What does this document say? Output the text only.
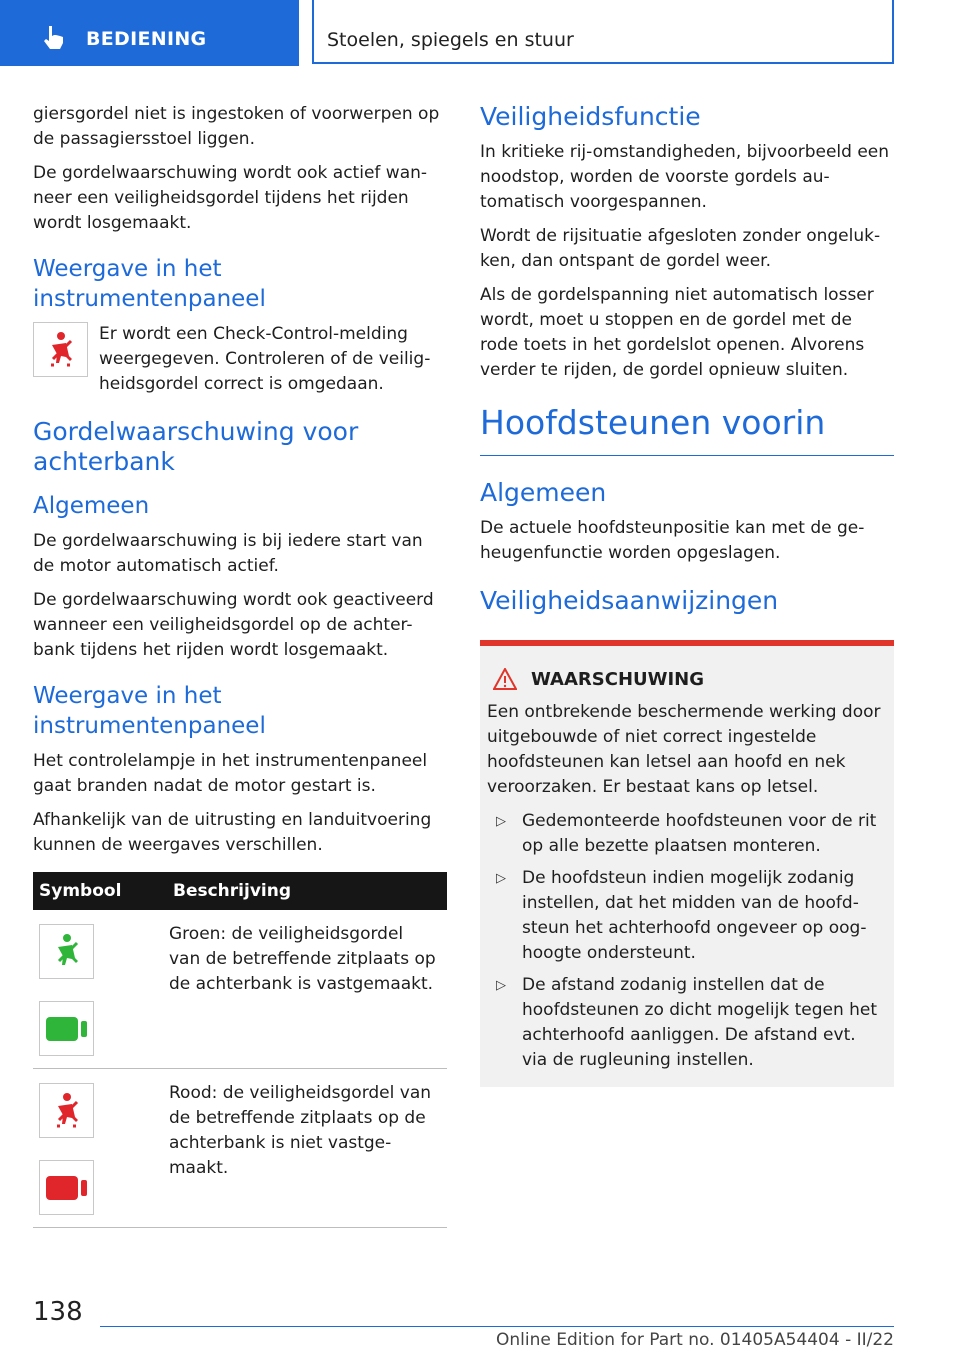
BEDIENING	Stoelen, spiegels en stuur

giersgordel niet is ingestoken of voorwerpen op de passagiersstoel liggen.

De gordelwaarschuwing wordt ook actief wan-neer een veiligheidsgordel tijdens het rijden wordt losgemaakt.

Weergave in het instrumentenpaneel

Er wordt een Check-Control-melding weergegeven. Controleren of de veilig-heidsgordel correct is omgedaan.

Gordelwaarschuwing voor achterbank
Algemeen

De gordelwaarschuwing is bij iedere start van de motor automatisch actief.

De gordelwaarschuwing wordt ook geactiveerd wanneer een veiligheidsgordel op de achter-bank tijdens het rijden wordt losgemaakt.

Weergave in het instrumentenpaneel

Het controlelampje in het instrumentenpaneel gaat branden nadat de motor gestart is.

Afhankelijk van de uitrusting en landuitvoering kunnen de weergaves verschillen.

Symbool	Beschrijving

	Groen: de veiligheidsgordel van de betreffende zitplaats op de achterbank is vastgemaakt.

	Rood: de veiligheidsgordel van de betreffende zitplaats op de achterbank is niet vastge-maakt.
Veiligheidsfunctie

In kritieke rij-omstandigheden, bijvoorbeeld een noodstop, worden de voorste gordels au-tomatisch voorgespannen.

Wordt de rijsituatie afgesloten zonder ongeluk-ken, dan ontspant de gordel weer.

Als de gordelspanning niet automatisch losser wordt, moet u stoppen en de gordel met de rode toets in het gordelslot openen. Alvorens verder te rijden, de gordel opnieuw sluiten.

Hoofdsteunen voorin
Algemeen

De actuele hoofdsteunpositie kan met de ge-heugenfunctie worden opgeslagen.

Veiligheidsaanwijzingen
WAARSCHUWING

Een ontbrekende beschermende werking door uitgebouwde of niet correct ingestelde hoofdsteunen kan letsel aan hoofd en nek veroorzaken. Er bestaat kans op letsel.

▷ Gedemonteerde hoofdsteunen voor de rit op alle bezette plaatsen monteren.
▷ De hoofdsteun indien mogelijk zodanig instellen, dat het midden van de hoofd-steun het achterhoofd ongeveer op oog-hoogte ondersteunt.
▷ De afstand zodanig instellen dat de hoofdsteunen zo dicht mogelijk tegen het achterhoofd aanliggen. De afstand evt. via de rugleuning instellen.
138
Online Edition for Part no. 01405A54404 - II/22
